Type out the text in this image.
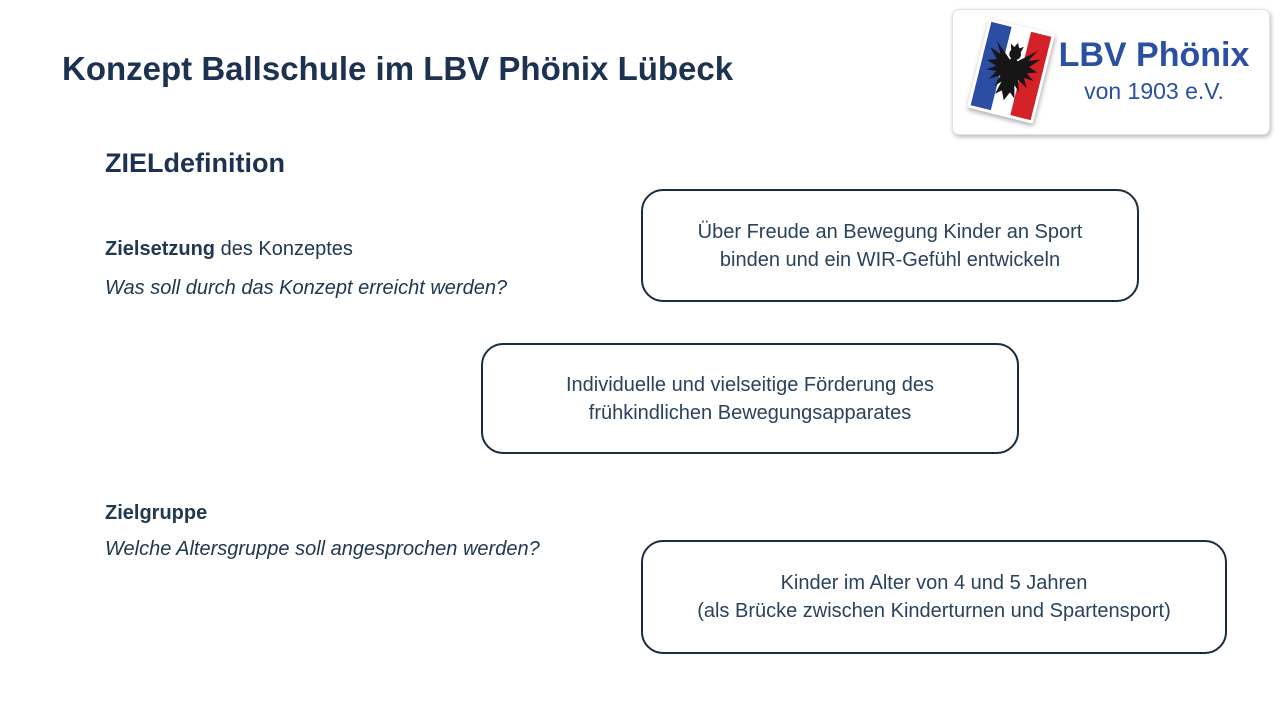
Konzept Ballschule im LBV Phönix Lübeck	LBV Phönix
von 1903 e.V.
ZIELdefinition

Zielsetzung des Konzeptes

Was soll durch das Konzept erreicht werden?

Über Freude an Bewegung Kinder an Sport
binden und ein WIR-Gefühl entwickeln
Individuelle und vielseitige Förderung des
frühkindlichen Bewegungsapparates

Zielgruppe

Welche Altersgruppe soll angesprochen werden?

Kinder im Alter von 4 und 5 Jahren
(als Brücke zwischen Kinderturnen und Spartensport)
